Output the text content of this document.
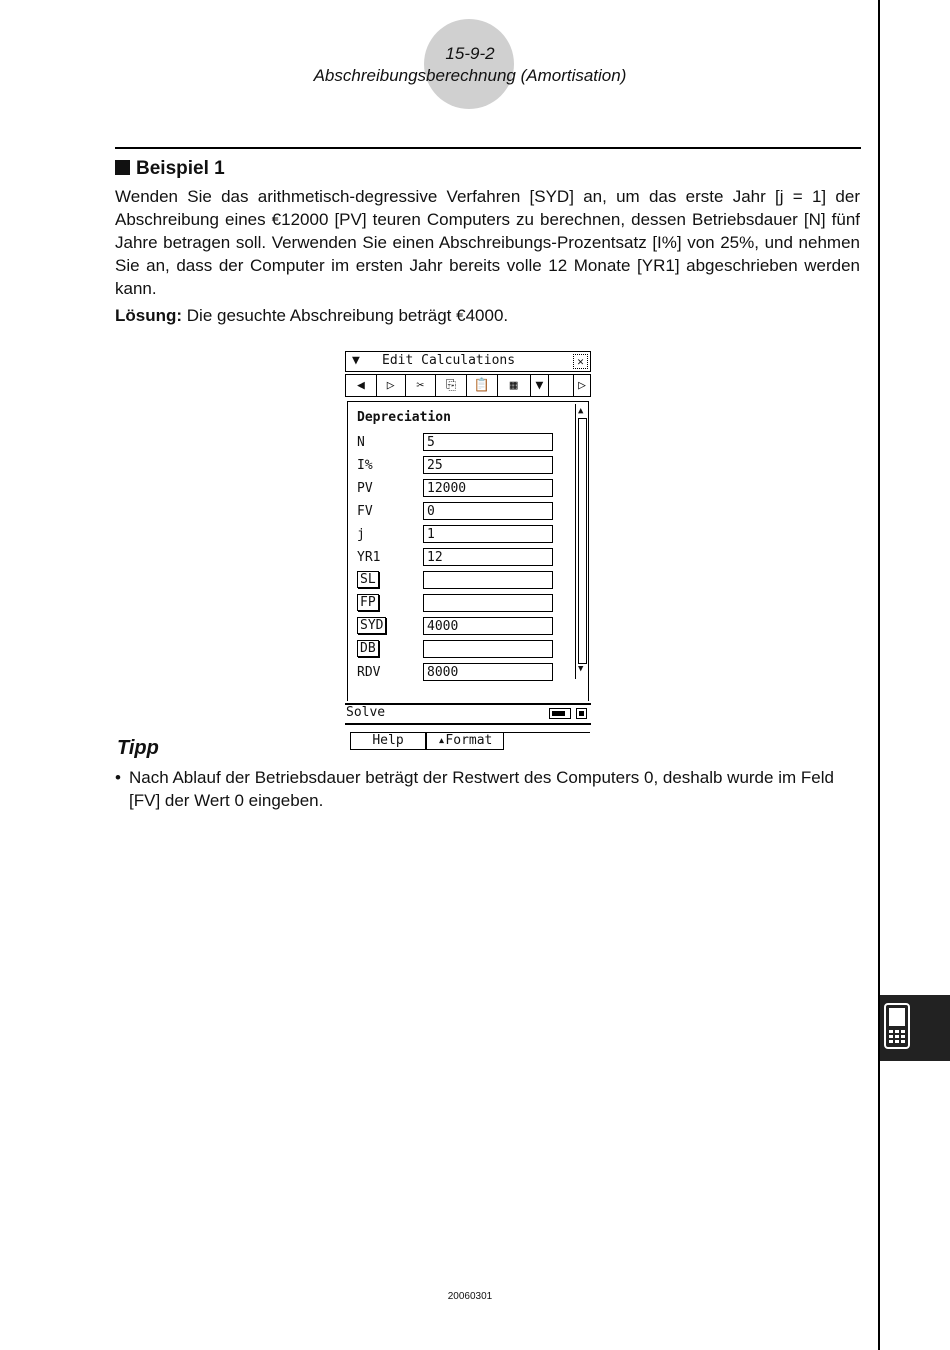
15-9-2
Abschreibungsberechnung (Amortisation)
Beispiel 1
Wenden Sie das arithmetisch-degressive Verfahren [SYD] an, um das erste Jahr [j = 1] der Abschreibung eines €12000 [PV] teuren Computers zu berechnen, dessen Betriebsdauer [N] fünf Jahre betragen soll. Verwenden Sie einen Abschreibungs-Prozentsatz [I%] von 25%, und nehmen Sie an, dass der Computer im ersten Jahr bereits volle 12 Monate [YR1] abgeschrieben werden kann.
Lösung: Die gesuchte Abschreibung beträgt €4000.
▼ Edit Calculations	✕
◀	▷	✂	⎘	📋	▦	▼	▷
Depreciation
N	5
I%	25
PV	12000
FV	0
j	1
YR1	12
SL
FP
SYD	4000
DB
RDV	8000
▲
▼
Help	▴Format
Solve
Tipp
• Nach Ablauf der Betriebsdauer beträgt der Restwert des Computers 0, deshalb wurde im Feld [FV] der Wert 0 eingeben.
20060301
